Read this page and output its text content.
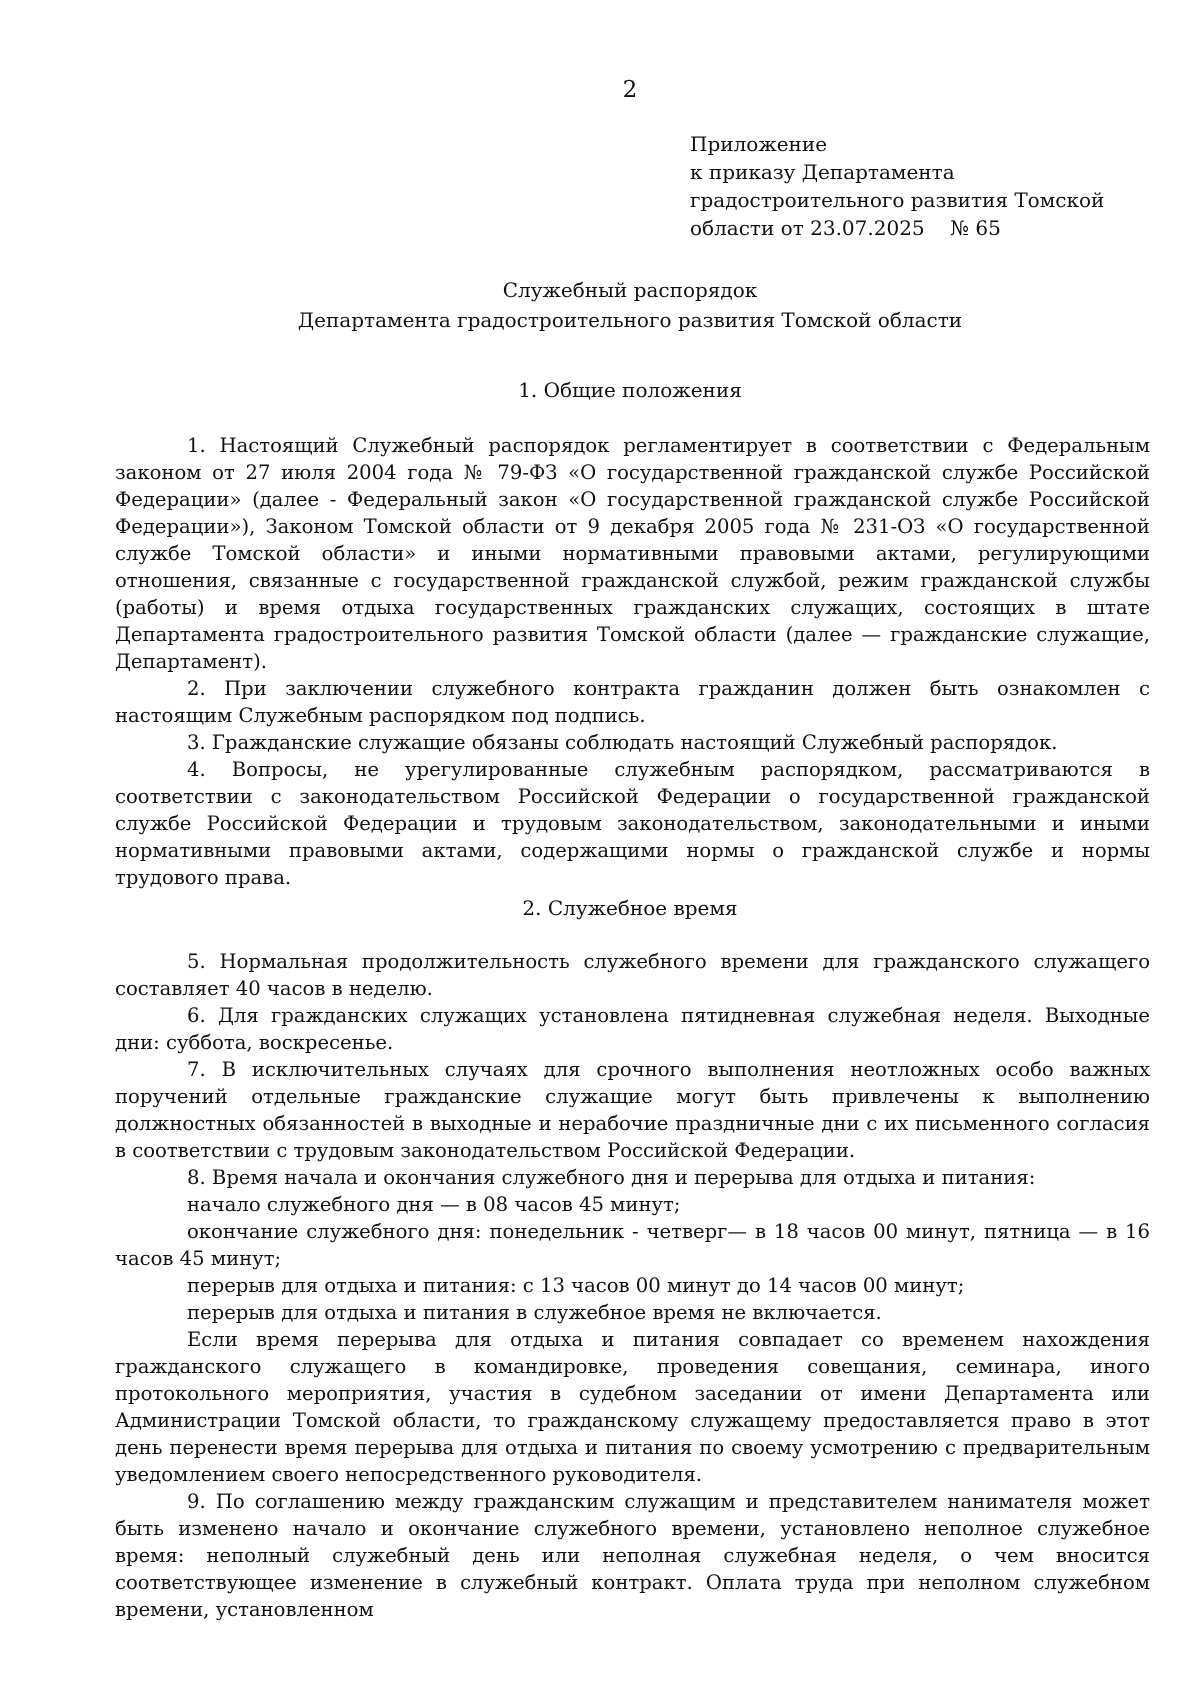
2
Приложение
к приказу Департамента
градостроительного развития Томской
области от 23.07.2025    № 65
Служебный распорядок
Департамента градостроительного развития Томской области
1. Общие положения

1. Настоящий Служебный распорядок регламентирует в соответствии с Федеральным законом от 27 июля 2004 года № 79-ФЗ «О государственной гражданской службе Российской Федерации» (далее - Федеральный закон «О государственной гражданской службе Российской Федерации»), Законом Томской области от 9 декабря 2005 года № 231-ОЗ «О государственной службе Томской области» и иными нормативными правовыми актами, регулирующими отношения, связанные с государственной гражданской службой, режим гражданской службы (работы) и время отдыха государственных гражданских служащих, состоящих в штате Департамента градостроительного развития Томской области (далее — гражданские служащие, Департамент).

2. При заключении служебного контракта гражданин должен быть ознакомлен с настоящим Служебным распорядком под подпись.

3. Гражданские служащие обязаны соблюдать настоящий Служебный распорядок.

4. Вопросы, не урегулированные служебным распорядком, рассматриваются в соответствии с законодательством Российской Федерации о государственной гражданской службе Российской Федерации и трудовым законодательством, законодательными и иными нормативными правовыми актами, содержащими нормы о гражданской службе и нормы трудового права.

2. Служебное время

5. Нормальная продолжительность служебного времени для гражданского служащего составляет 40 часов в неделю.

6. Для гражданских служащих установлена пятидневная служебная неделя. Выходные дни: суббота, воскресенье.

7. В исключительных случаях для срочного выполнения неотложных особо важных поручений отдельные гражданские служащие могут быть привлечены к выполнению должностных обязанностей в выходные и нерабочие праздничные дни с их письменного согласия в соответствии с трудовым законодательством Российской Федерации.

8. Время начала и окончания служебного дня и перерыва для отдыха и питания:

начало служебного дня — в 08 часов 45 минут;

окончание служебного дня: понедельник - четверг— в 18 часов 00 минут, пятница — в 16 часов 45 минут;

перерыв для отдыха и питания: с 13 часов 00 минут до 14 часов 00 минут;

перерыв для отдыха и питания в служебное время не включается.

Если время перерыва для отдыха и питания совпадает со временем нахождения гражданского служащего в командировке, проведения совещания, семинара, иного протокольного мероприятия, участия в судебном заседании от имени Департамента или Администрации Томской области, то гражданскому служащему предоставляется право в этот день перенести время перерыва для отдыха и питания по своему усмотрению с предварительным уведомлением своего непосредственного руководителя.

9. По соглашению между гражданским служащим и представителем нанимателя может быть изменено начало и окончание служебного времени, установлено неполное служебное время: неполный служебный день или неполная служебная неделя, о чем вносится соответствующее изменение в служебный контракт. Оплата труда при неполном служебном времени, установленном
